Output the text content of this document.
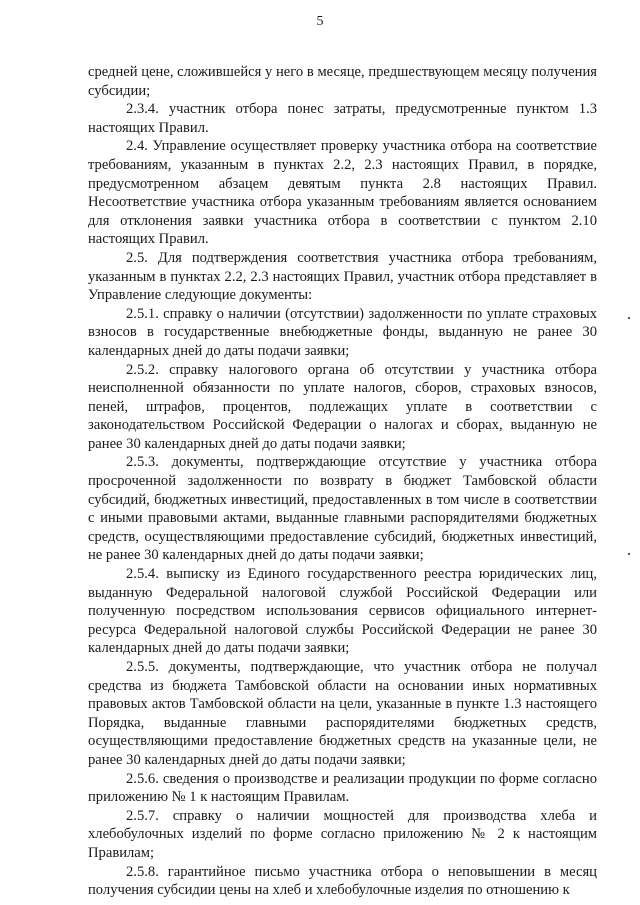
5

средней цене, сложившейся у него в месяце, предшествующем месяцу получения субсидии;

2.3.4. участник отбора понес затраты, предусмотренные пунктом 1.3 настоящих Правил.

2.4. Управление осуществляет проверку участника отбора на соответствие требованиям, указанным в пунктах 2.2, 2.3 настоящих Правил, в порядке, предусмотренном абзацем девятым пункта 2.8 настоящих Правил. Несоответствие участника отбора указанным требованиям является основанием для отклонения заявки участника отбора в соответствии с пунктом 2.10 настоящих Правил.

2.5. Для подтверждения соответствия участника отбора требованиям, указанным в пунктах 2.2, 2.3 настоящих Правил, участник отбора представляет в Управление следующие документы:

2.5.1. справку о наличии (отсутствии) задолженности по уплате страховых взносов в государственные внебюджетные фонды, выданную не ранее 30 календарных дней до даты подачи заявки;

2.5.2. справку налогового органа об отсутствии у участника отбора неисполненной обязанности по уплате налогов, сборов, страховых взносов, пеней, штрафов, процентов, подлежащих уплате в соответствии с законодательством Российской Федерации о налогах и сборах, выданную не ранее 30 календарных дней до даты подачи заявки;

2.5.3. документы, подтверждающие отсутствие у участника отбора просроченной задолженности по возврату в бюджет Тамбовской области субсидий, бюджетных инвестиций, предоставленных в том числе в соответствии с иными правовыми актами, выданные главными распорядителями бюджетных средств, осуществляющими предоставление субсидий, бюджетных инвестиций, не ранее 30 календарных дней до даты подачи заявки;

2.5.4. выписку из Единого государственного реестра юридических лиц, выданную Федеральной налоговой службой Российской Федерации или полученную посредством использования сервисов официального интернет-ресурса Федеральной налоговой службы Российской Федерации не ранее 30 календарных дней до даты подачи заявки;

2.5.5. документы, подтверждающие, что участник отбора не получал средства из бюджета Тамбовской области на основании иных нормативных правовых актов Тамбовской области на цели, указанные в пункте 1.3 настоящего Порядка, выданные главными распорядителями бюджетных средств, осуществляющими предоставление бюджетных средств на указанные цели, не ранее 30 календарных дней до даты подачи заявки;

2.5.6. сведения о производстве и реализации продукции по форме согласно приложению № 1 к настоящим Правилам.

2.5.7. справку о наличии мощностей для производства хлеба и хлебобулочных изделий по форме согласно приложению № 2 к настоящим Правилам;

2.5.8. гарантийное письмо участника отбора о неповышении в месяц получения субсидии цены на хлеб и хлебобулочные изделия по отношению к
